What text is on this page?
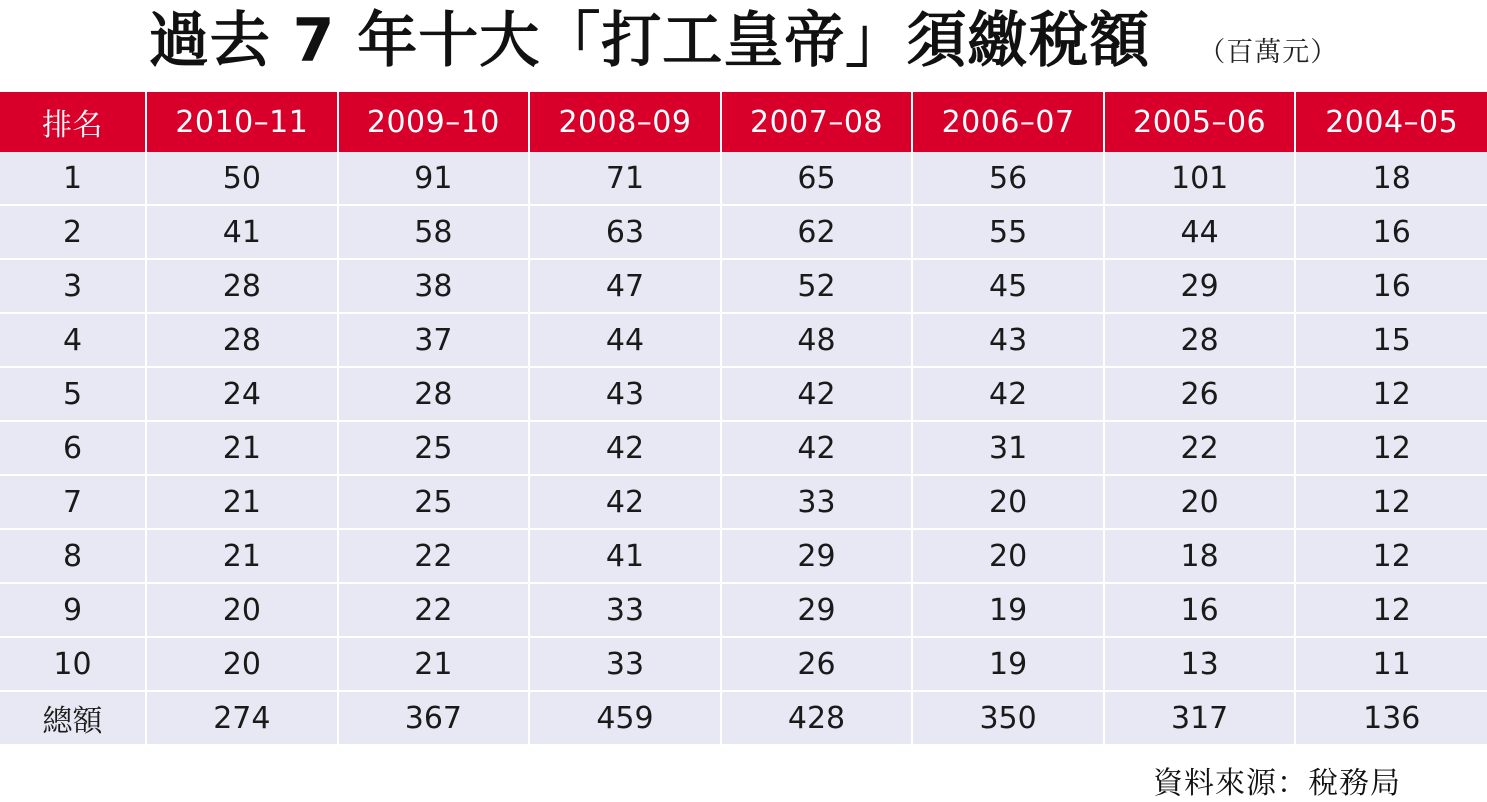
過去 7 年十大「打工皇帝」須繳稅額 （百萬元）
排名	2010–11	2009–10	2008–09	2007–08	2006–07	2005–06	2004–05
1	50	91	71	65	56	101	18
2	41	58	63	62	55	44	16
3	28	38	47	52	45	29	16
4	28	37	44	48	43	28	15
5	24	28	43	42	42	26	12
6	21	25	42	42	31	22	12
7	21	25	42	33	20	20	12
8	21	22	41	29	20	18	12
9	20	22	33	29	19	16	12
10	20	21	33	26	19	13	11
總額	274	367	459	428	350	317	136
資料來源：稅務局
